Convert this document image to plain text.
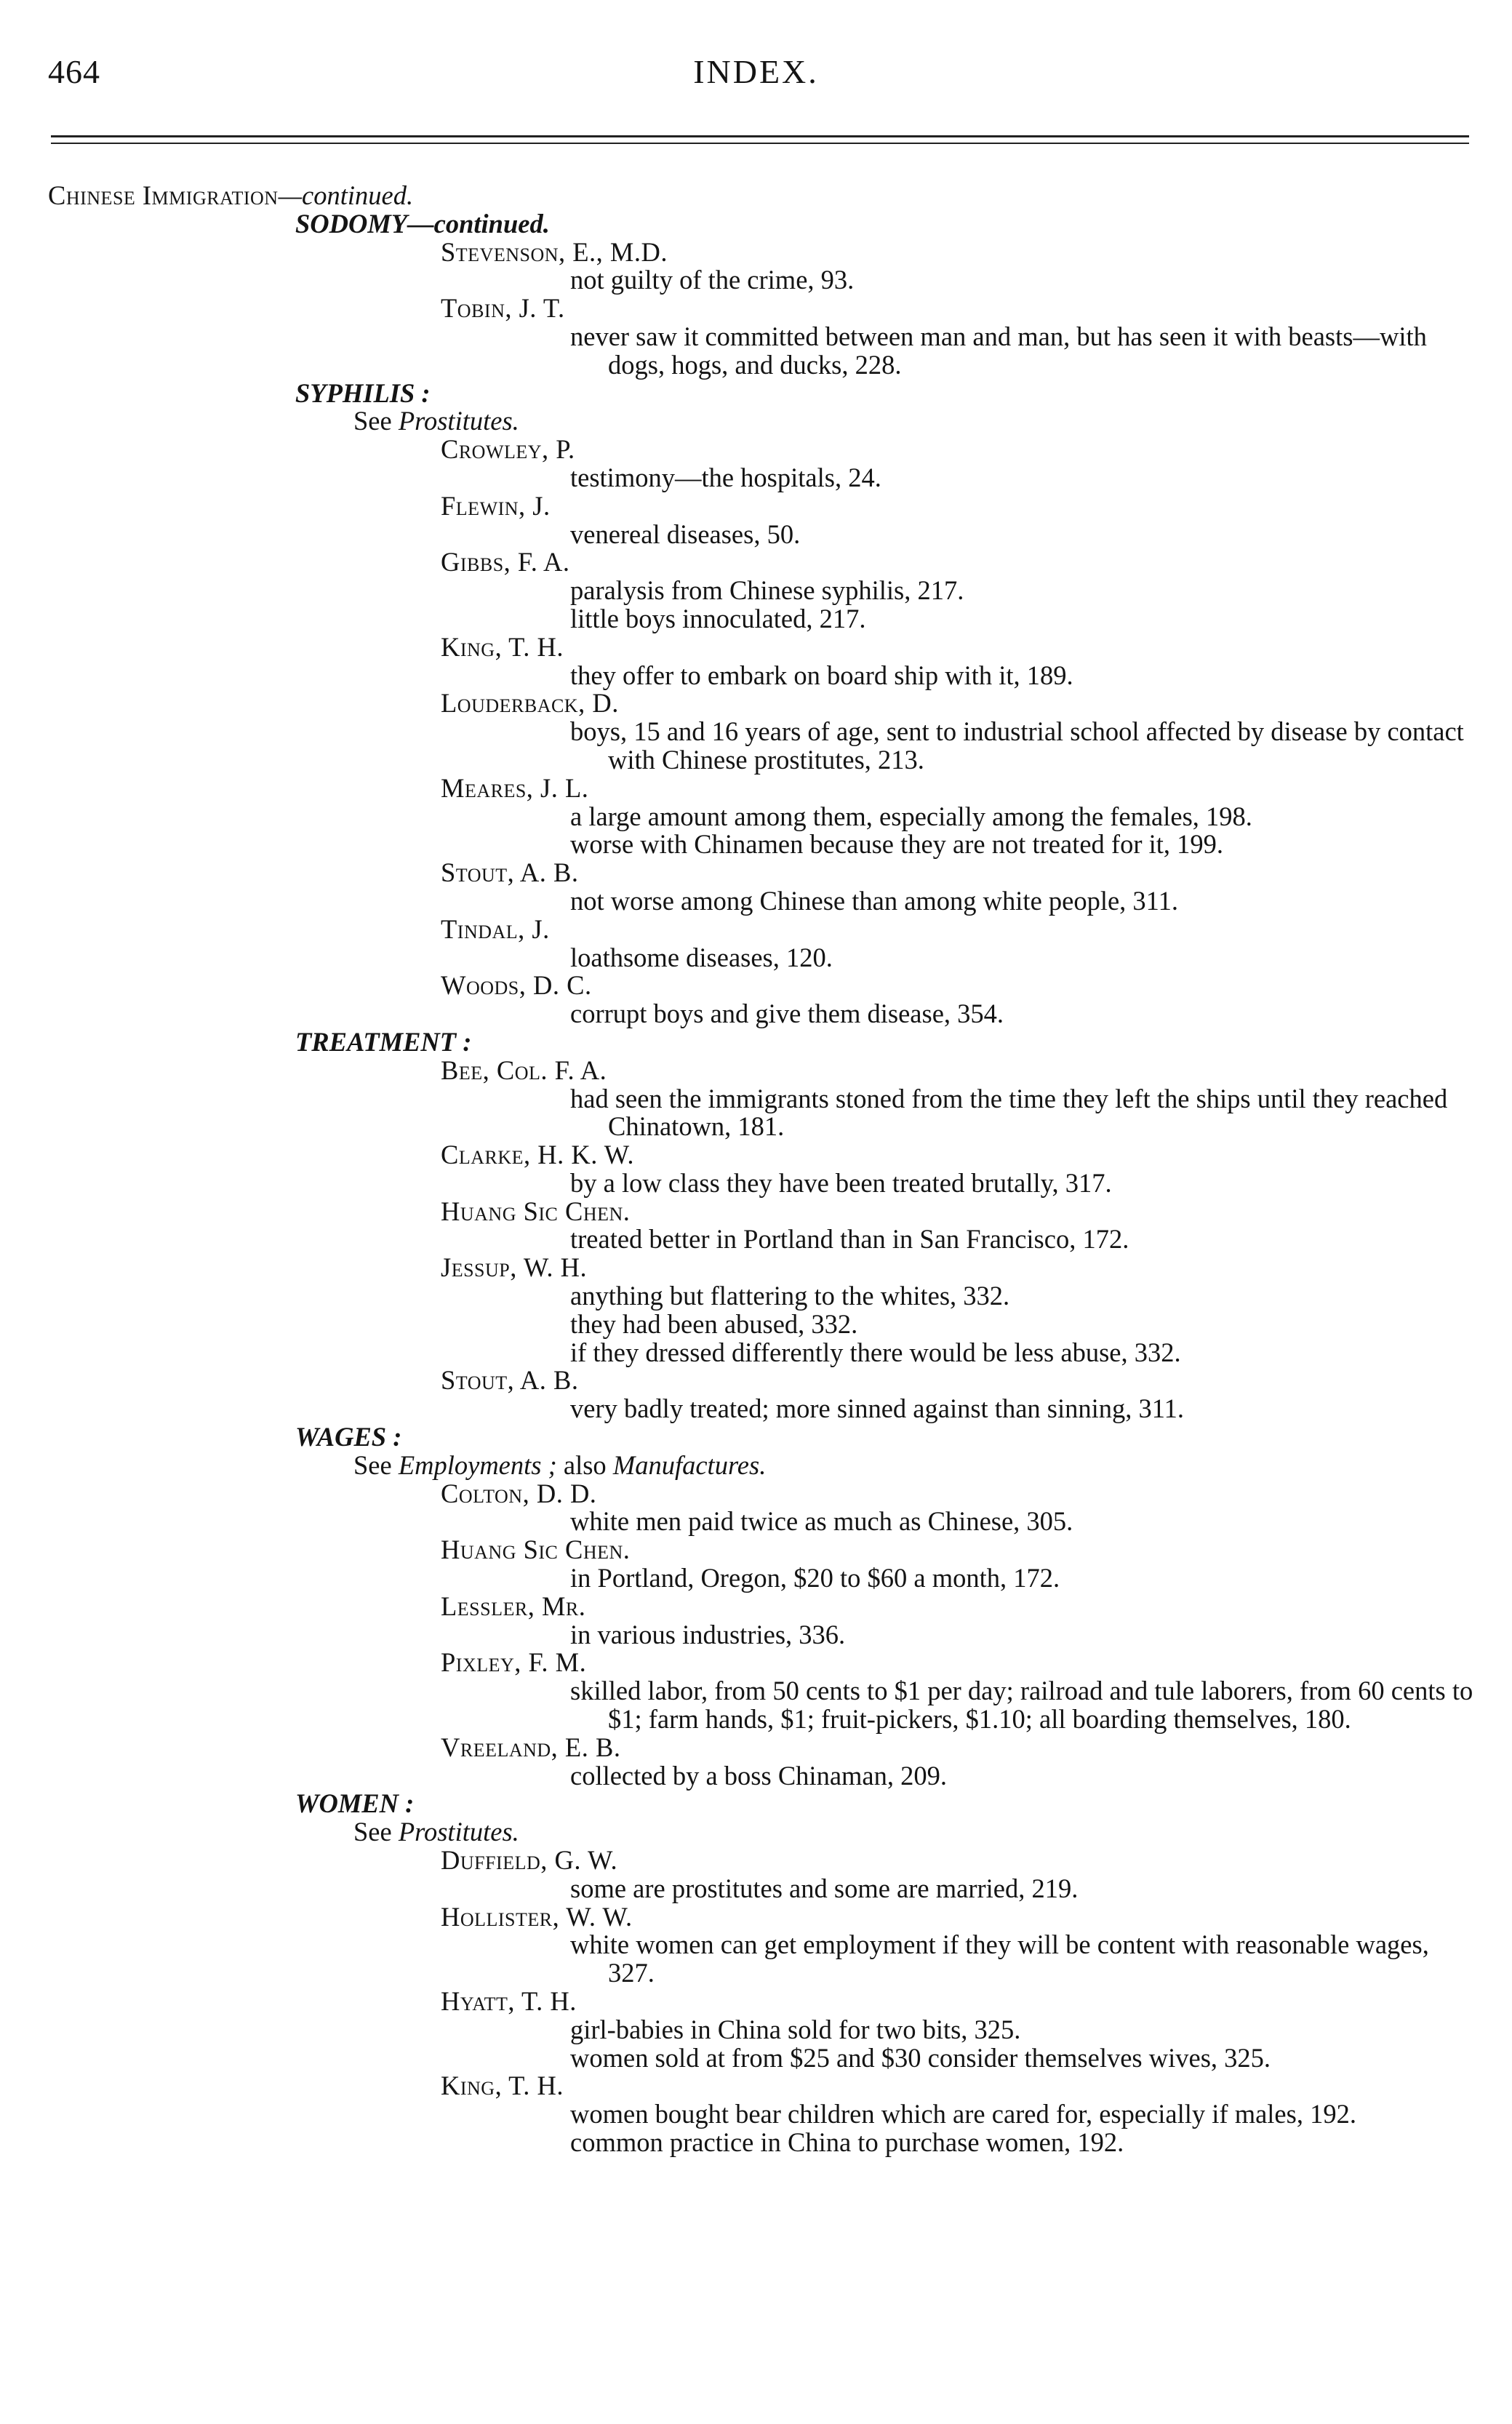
464	INDEX.
Chinese Immigration—continued.
SODOMY—continued.
Stevenson, E., M.D.
not guilty of the crime, 93.
Tobin, J. T.
never saw it committed between man and man, but has seen it with beasts—with dogs, hogs, and ducks, 228.
SYPHILIS :
See Prostitutes.
Crowley, P.
testimony—the hospitals, 24.
Flewin, J.
venereal diseases, 50.
Gibbs, F. A.
paralysis from Chinese syphilis, 217.
little boys innoculated, 217.
King, T. H.
they offer to embark on board ship with it, 189.
Louderback, D.
boys, 15 and 16 years of age, sent to industrial school affected by disease by contact with Chinese prostitutes, 213.
Meares, J. L.
a large amount among them, especially among the females, 198.
worse with Chinamen because they are not treated for it, 199.
Stout, A. B.
not worse among Chinese than among white people, 311.
Tindal, J.
loathsome diseases, 120.
Woods, D. C.
corrupt boys and give them disease, 354.
TREATMENT :
Bee, Col. F. A.
had seen the immigrants stoned from the time they left the ships until they reached Chinatown, 181.
Clarke, H. K. W.
by a low class they have been treated brutally, 317.
Huang Sic Chen.
treated better in Portland than in San Francisco, 172.
Jessup, W. H.
anything but flattering to the whites, 332.
they had been abused, 332.
if they dressed differently there would be less abuse, 332.
Stout, A. B.
very badly treated; more sinned against than sinning, 311.
WAGES :
See Employments ; also Manufactures.
Colton, D. D.
white men paid twice as much as Chinese, 305.
Huang Sic Chen.
in Portland, Oregon, $20 to $60 a month, 172.
Lessler, Mr.
in various industries, 336.
Pixley, F. M.
skilled labor, from 50 cents to $1 per day; railroad and tule laborers, from 60 cents to $1; farm hands, $1; fruit-pickers, $1.10; all boarding themselves, 180.
Vreeland, E. B.
collected by a boss Chinaman, 209.
WOMEN :
See Prostitutes.
Duffield, G. W.
some are prostitutes and some are married, 219.
Hollister, W. W.
white women can get employment if they will be content with reasonable wages, 327.
Hyatt, T. H.
girl-babies in China sold for two bits, 325.
women sold at from $25 and $30 consider themselves wives, 325.
King, T. H.
women bought bear children which are cared for, especially if males, 192.
common practice in China to purchase women, 192.
